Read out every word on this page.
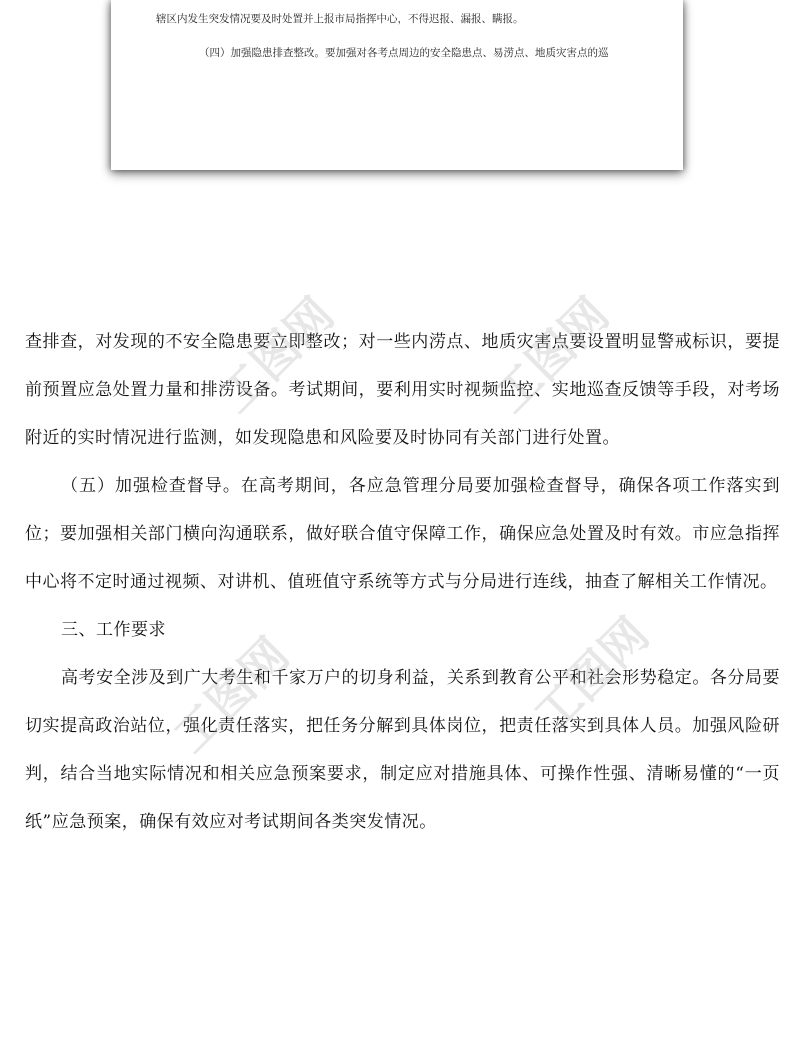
辖区内发生突发情况要及时处置并上报市局指挥中心，不得迟报、漏报、瞒报。
（四）加强隐患排查整改。要加强对各考点周边的安全隐患点、易涝点、地质灾害点的巡

查排查，对发现的不安全隐患要立即整改；对一些内涝点、地质灾害点要设置明显警戒标识，要提前预置应急处置力量和排涝设备。考试期间，要利用实时视频监控、实地巡查反馈等手段，对考场附近的实时情况进行监测，如发现隐患和风险要及时协同有关部门进行处置。

（五）加强检查督导。在高考期间，各应急管理分局要加强检查督导，确保各项工作落实到位；要加强相关部门横向沟通联系，做好联合值守保障工作，确保应急处置及时有效。市应急指挥中心将不定时通过视频、对讲机、值班值守系统等方式与分局进行连线，抽查了解相关工作情况。

三、工作要求

高考安全涉及到广大考生和千家万户的切身利益，关系到教育公平和社会形势稳定。各分局要切实提高政治站位，强化责任落实，把任务分解到具体岗位，把责任落实到具体人员。加强风险研判，结合当地实际情况和相关应急预案要求，制定应对措施具体、可操作性强、清晰易懂的“一页纸”应急预案，确保有效应对考试期间各类突发情况。

工图网	工图网
工图网	工图网
